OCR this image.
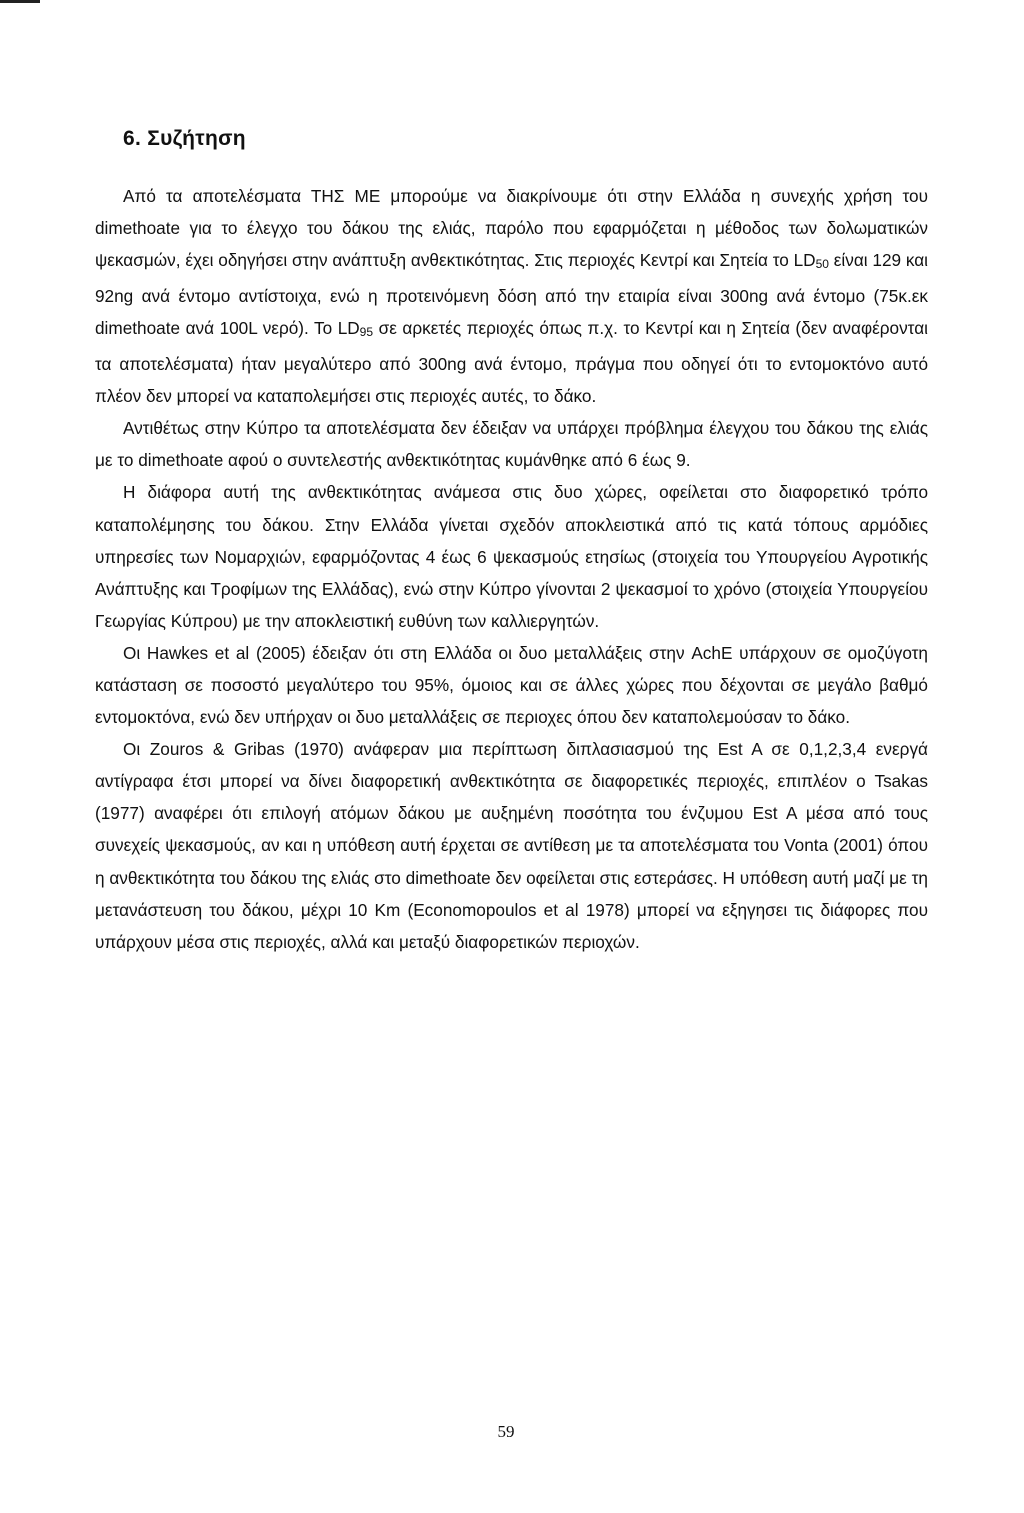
6. Συζήτηση

Από τα αποτελέσματα ΤΗΣ ΜΕ μπορούμε να διακρίνουμε ότι στην Ελλάδα η συνεχής χρήση του dimethoate για το έλεγχο του δάκου της ελιάς, παρόλο που εφαρμόζεται η μέθοδος των δολωματικών ψεκασμών, έχει οδηγήσει στην ανάπτυξη ανθεκτικότητας. Στις περιοχές Κεντρί και Σητεία το $LD_{50}$ είναι 129 και 92ng ανά έντομο αντίστοιχα, ενώ η προτεινόμενη δόση από την εταιρία είναι 300ng ανά έντομο (75κ.εκ dimethoate ανά 100L νερό). Το $LD_{95}$ σε αρκετές περιοχές όπως π.χ. το Κεντρί και η Σητεία (δεν αναφέρονται τα αποτελέσματα) ήταν μεγαλύτερο από 300ng ανά έντομο, πράγμα που οδηγεί ότι το εντομοκτόνο αυτό πλέον δεν μπορεί να καταπολεμήσει στις περιοχές αυτές, το δάκο.

Αντιθέτως στην Κύπρο τα αποτελέσματα δεν έδειξαν να υπάρχει πρόβλημα έλεγχου του δάκου της ελιάς με το dimethoate αφού ο συντελεστής ανθεκτικότητας κυμάνθηκε από 6 έως 9.

Η διάφορα αυτή της ανθεκτικότητας ανάμεσα στις δυο χώρες, οφείλεται στο διαφορετικό τρόπο καταπολέμησης του δάκου. Στην Ελλάδα γίνεται σχεδόν αποκλειστικά από τις κατά τόπους αρμόδιες υπηρεσίες των Νομαρχιών, εφαρμόζοντας 4 έως 6 ψεκασμούς ετησίως (στοιχεία του Υπουργείου Αγροτικής Ανάπτυξης και Τροφίμων της Ελλάδας), ενώ στην Κύπρο γίνονται 2 ψεκασμοί το χρόνο (στοιχεία Υπουργείου Γεωργίας Κύπρου) με την αποκλειστική ευθύνη των καλλιεργητών.

Οι Hawkes et al (2005) έδειξαν ότι στη Ελλάδα οι δυο μεταλλάξεις στην AchE υπάρχουν σε ομοζύγοτη κατάσταση σε ποσοστό μεγαλύτερο του 95%, όμοιος και σε άλλες χώρες που δέχονται σε μεγάλο βαθμό εντομοκτόνα, ενώ δεν υπήρχαν οι δυο μεταλλάξεις σε περιοχες όπου δεν καταπολεμούσαν το δάκο.

Οι Zouros & Gribas (1970) ανάφεραν μια περίπτωση διπλασιασμού της Est A σε 0,1,2,3,4 ενεργά αντίγραφα έτσι μπορεί να δίνει διαφορετική ανθεκτικότητα σε διαφορετικές περιοχές, επιπλέον ο Tsakas (1977) αναφέρει ότι επιλογή ατόμων δάκου με αυξημένη ποσότητα του ένζυμου Est A μέσα από τους συνεχείς ψεκασμούς, αν και η υπόθεση αυτή έρχεται σε αντίθεση με τα αποτελέσματα του Vonta (2001) όπου η ανθεκτικότητα του δάκου της ελιάς στο dimethoate δεν οφείλεται στις εστεράσες. Η υπόθεση αυτή μαζί με τη μετανάστευση του δάκου, μέχρι 10 Km (Economopoulos et al 1978) μπορεί να εξηγησει τις διάφορες που υπάρχουν μέσα στις περιοχές, αλλά και μεταξύ διαφορετικών περιοχών.

59
